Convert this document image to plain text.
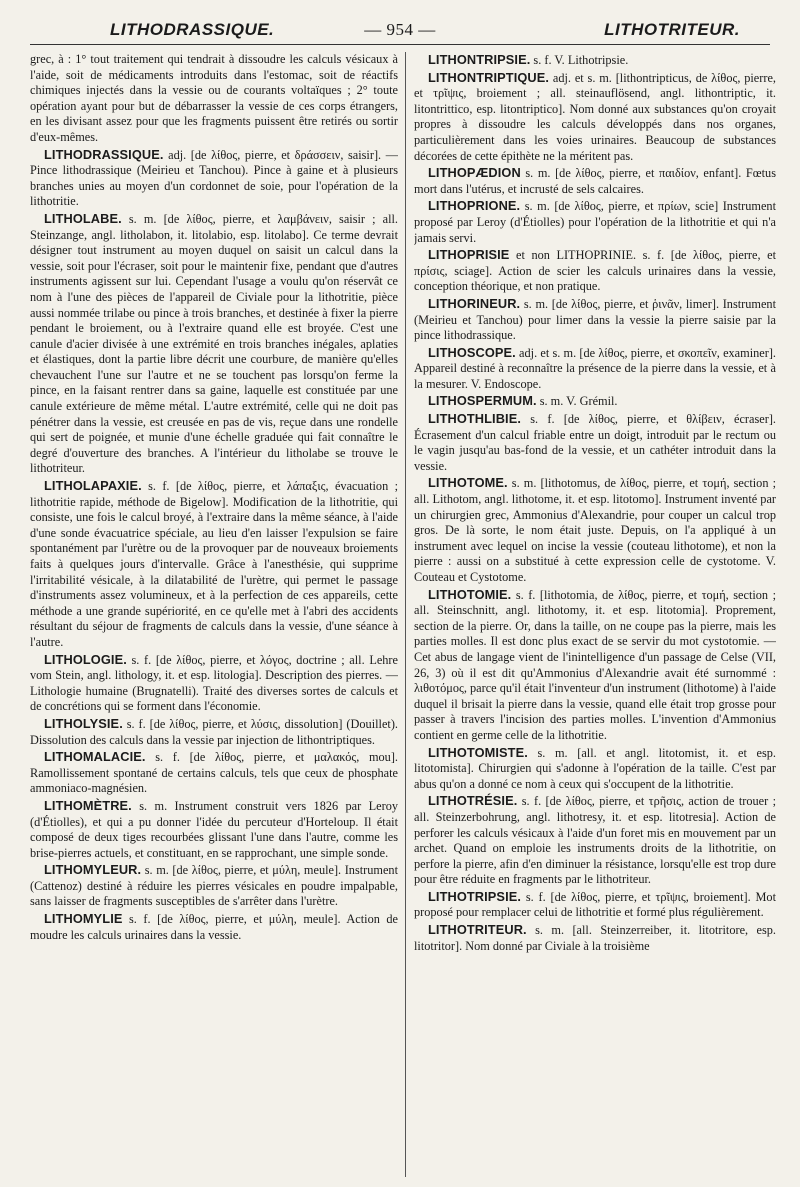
LITHODRASSIQUE.	— 954 —	LITHOTRITEUR.

grec, à : 1° tout traitement qui tendrait à dissoudre les calculs vésicaux à l'aide, soit de médicaments introduits dans l'estomac, soit de réactifs chimiques injectés dans la vessie ou de courants voltaïques ; 2° toute opération ayant pour but de débarrasser la vessie de ces corps étrangers, en les divisant assez pour que les fragments puissent être retirés ou sortir d'eux-mêmes.

LITHODRASSIQUE. adj. [de λίθος, pierre, et δράσσειν, saisir]. — Pince lithodrassique (Meirieu et Tanchou). Pince à gaine et à plusieurs branches unies au moyen d'un cordonnet de soie, pour l'opération de la lithotritie.

LITHOLABE. s. m. [de λίθος, pierre, et λαμβάνειν, saisir ; all. Steinzange, angl. litholabon, it. litolabio, esp. litolabo]. Ce terme devrait désigner tout instrument au moyen duquel on saisit un calcul dans la vessie, soit pour l'écraser, soit pour le maintenir fixe, pendant que d'autres instruments agissent sur lui. Cependant l'usage a voulu qu'on réservât ce nom à l'une des pièces de l'appareil de Civiale pour la lithotritie, pièce aussi nommée trilabe ou pince à trois branches, et destinée à fixer la pierre pendant le broiement, ou à l'extraire quand elle est broyée. C'est une canule d'acier divisée à une extrémité en trois branches inégales, aplaties et élastiques, dont la partie libre décrit une courbure, de manière qu'elles chevauchent l'une sur l'autre et ne se touchent pas lorsqu'on ferme la pince, en la faisant rentrer dans sa gaine, laquelle est constituée par une canule extérieure de même métal. L'autre extrémité, celle qui ne doit pas pénétrer dans la vessie, est creusée en pas de vis, reçue dans une rondelle qui sert de poignée, et munie d'une échelle graduée qui fait connaître le degré d'ouverture des branches. A l'intérieur du litholabe se trouve le lithotriteur.

LITHOLAPAXIE. s. f. [de λίθος, pierre, et λάπαξις, évacuation ; lithotritie rapide, méthode de Bigelow]. Modification de la lithotritie, qui consiste, une fois le calcul broyé, à l'extraire dans la même séance, à l'aide d'une sonde évacuatrice spéciale, au lieu d'en laisser l'expulsion se faire spontanément par l'urètre ou de la provoquer par de nouveaux broiements faits à quelques jours d'intervalle. Grâce à l'anesthésie, qui supprime l'irritabilité vésicale, à la dilatabilité de l'urètre, qui permet le passage d'instruments assez volumineux, et à la perfection de ces appareils, cette méthode a une grande supériorité, en ce qu'elle met à l'abri des accidents résultant du séjour de fragments de calculs dans la vessie, d'une séance à l'autre.

LITHOLOGIE. s. f. [de λίθος, pierre, et λόγος, doctrine ; all. Lehre vom Stein, angl. lithology, it. et esp. litologia]. Description des pierres. — Lithologie humaine (Brugnatelli). Traité des diverses sortes de calculs et de concrétions qui se forment dans l'économie.

LITHOLYSIE. s. f. [de λίθος, pierre, et λύσις, dissolution] (Douillet). Dissolution des calculs dans la vessie par injection de lithontriptiques.

LITHOMALACIE. s. f. [de λίθος, pierre, et μαλακός, mou]. Ramollissement spontané de certains calculs, tels que ceux de phosphate ammoniaco-magnésien.

LITHOMÈTRE. s. m. Instrument construit vers 1826 par Leroy (d'Étiolles), et qui a pu donner l'idée du percuteur d'Horteloup. Il était composé de deux tiges recourbées glissant l'une dans l'autre, comme les brise-pierres actuels, et constituant, en se rapprochant, une simple sonde.

LITHOMYLEUR. s. m. [de λίθος, pierre, et μύλη, meule]. Instrument (Cattenoz) destiné à réduire les pierres vésicales en poudre impalpable, sans laisser de fragments susceptibles de s'arrêter dans l'urètre.

LITHOMYLIE s. f. [de λίθος, pierre, et μύλη, meule]. Action de moudre les calculs urinaires dans la vessie.

LITHONTRIPSIE. s. f. V. Lithotripsie.

LITHONTRIPTIQUE. adj. et s. m. [lithontripticus, de λίθος, pierre, et τρῖψις, broiement ; all. steinauflösend, angl. lithontriptic, it. litontrittico, esp. litontriptico]. Nom donné aux substances qu'on croyait propres à dissoudre les calculs développés dans nos organes, particulièrement dans les voies urinaires. Beaucoup de substances décorées de cette épithète ne la méritent pas.

LITHOPÆDION s. m. [de λίθος, pierre, et παιδίον, enfant]. Fœtus mort dans l'utérus, et incrusté de sels calcaires.

LITHOPRIONE. s. m. [de λίθος, pierre, et πρίων, scie] Instrument proposé par Leroy (d'Étiolles) pour l'opération de la lithotritie et qui n'a jamais servi.

LITHOPRISIE et non LITHOPRINIE. s. f. [de λίθος, pierre, et πρίσις, sciage]. Action de scier les calculs urinaires dans la vessie, conception théorique, et non pratique.

LITHORINEUR. s. m. [de λίθος, pierre, et ῥινᾶν, limer]. Instrument (Meirieu et Tanchou) pour limer dans la vessie la pierre saisie par la pince lithodrassique.

LITHOSCOPE. adj. et s. m. [de λίθος, pierre, et σκοπεῖν, examiner]. Appareil destiné à reconnaître la présence de la pierre dans la vessie, et à la mesurer. V. Endoscope.

LITHOSPERMUM. s. m. V. Grémil.

LITHOTHLIBIE. s. f. [de λίθος, pierre, et θλίβειν, écraser]. Écrasement d'un calcul friable entre un doigt, introduit par le rectum ou le vagin jusqu'au bas-fond de la vessie, et un cathéter introduit dans la vessie.

LITHOTOME. s. m. [lithotomus, de λίθος, pierre, et τομή, section ; all. Lithotom, angl. lithotome, it. et esp. litotomo]. Instrument inventé par un chirurgien grec, Ammonius d'Alexandrie, pour couper un calcul trop gros. De là sorte, le nom était juste. Depuis, on l'a appliqué à un instrument avec lequel on incise la vessie (couteau lithotome), et non la pierre : aussi on a substitué à cette expression celle de cystotome. V. Couteau et Cystotome.

LITHOTOMIE. s. f. [lithotomia, de λίθος, pierre, et τομή, section ; all. Steinschnitt, angl. lithotomy, it. et esp. litotomia]. Proprement, section de la pierre. Or, dans la taille, on ne coupe pas la pierre, mais les parties molles. Il est donc plus exact de se servir du mot cystotomie. — Cet abus de langage vient de l'inintelligence d'un passage de Celse (VII, 26, 3) où il est dit qu'Ammonius d'Alexandrie avait été surnommé : λιθοτόμος, parce qu'il était l'inventeur d'un instrument (lithotome) à l'aide duquel il brisait la pierre dans la vessie, quand elle était trop grosse pour passer à travers l'incision des parties molles. L'invention d'Ammonius contient en germe celle de la lithotritie.

LITHOTOMISTE. s. m. [all. et angl. litotomist, it. et esp. litotomista]. Chirurgien qui s'adonne à l'opération de la taille. C'est par abus qu'on a donné ce nom à ceux qui s'occupent de la lithotritie.

LITHOTRÉSIE. s. f. [de λίθος, pierre, et τρῆσις, action de trouer ; all. Steinzerbohrung, angl. lithotresy, it. et esp. litotresia]. Action de perforer les calculs vésicaux à l'aide d'un foret mis en mouvement par un archet. Quand on emploie les instruments droits de la lithotritie, on perfore la pierre, afin d'en diminuer la résistance, lorsqu'elle est trop dure pour être réduite en fragments par le lithotriteur.

LITHOTRIPSIE. s. f. [de λίθος, pierre, et τρῖψις, broiement]. Mot proposé pour remplacer celui de lithotritie et formé plus régulièrement.

LITHOTRITEUR. s. m. [all. Steinzerreiber, it. litotritore, esp. litotritor]. Nom donné par Civiale à la troisième
